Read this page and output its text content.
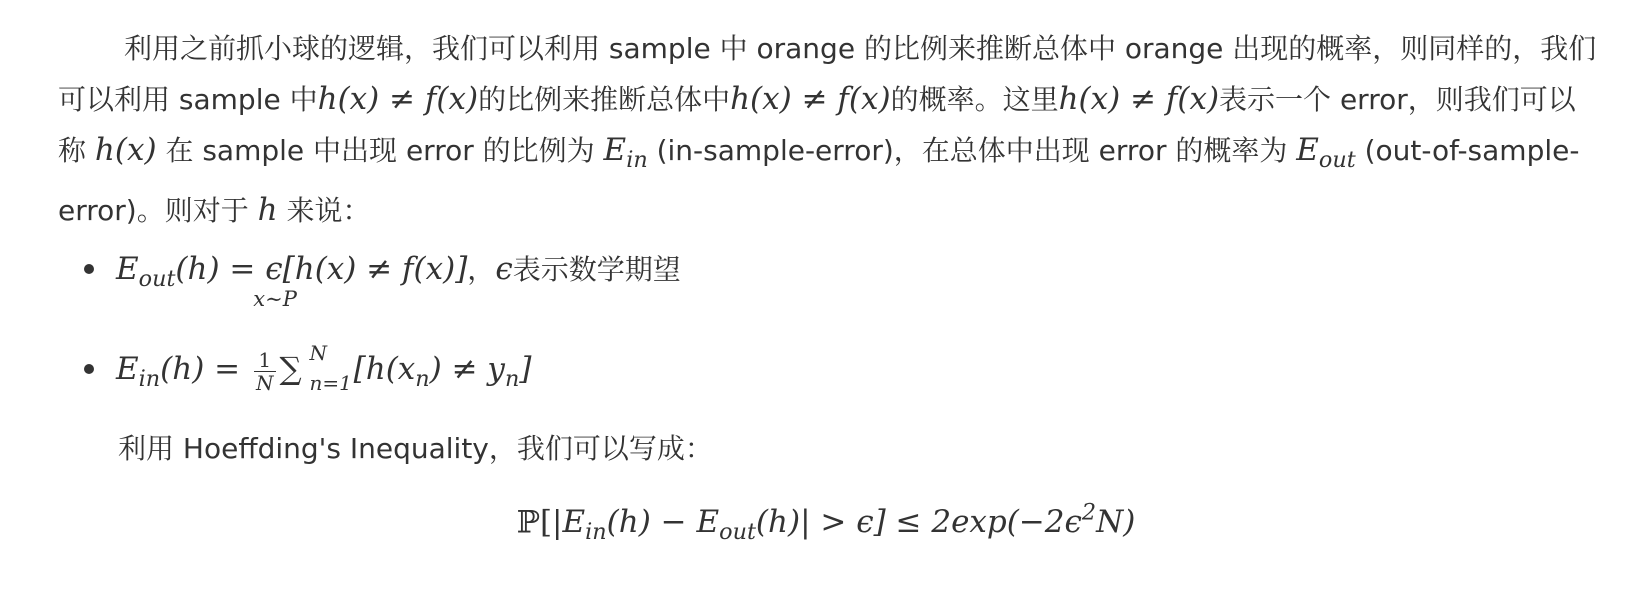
利用之前抓小球的逻辑，我们可以利用 sample 中 orange 的比例来推断总体中 orange 出现的概率，则同样的，我们可以利用 sample 中h(x) ≠ f(x)的比例来推断总体中h(x) ≠ f(x)的概率。这里h(x) ≠ f(x)表示一个 error，则我们可以称 h(x) 在 sample 中出现 error 的比例为 $E_{in}$ (in-sample-error)，在总体中出现 error 的概率为 $E_{out}$ (out-of-sample-error)。则对于 h 来说：

$E_{out}(h) = \epsilon$
x∼P
[h(x) ≠ f(x)]，ϵ表示数学期望
$E_{in}(h) = \frac{1}{N}$ ∑ N
n=1 $[h(x_n) \ne y_n]$

利用 Hoeffding's Inequality，我们可以写成：

$ℙ[|E_{in}(h) - E_{out}(h)| > \epsilon] \le 2\exp(-2\epsilon^2N)$
